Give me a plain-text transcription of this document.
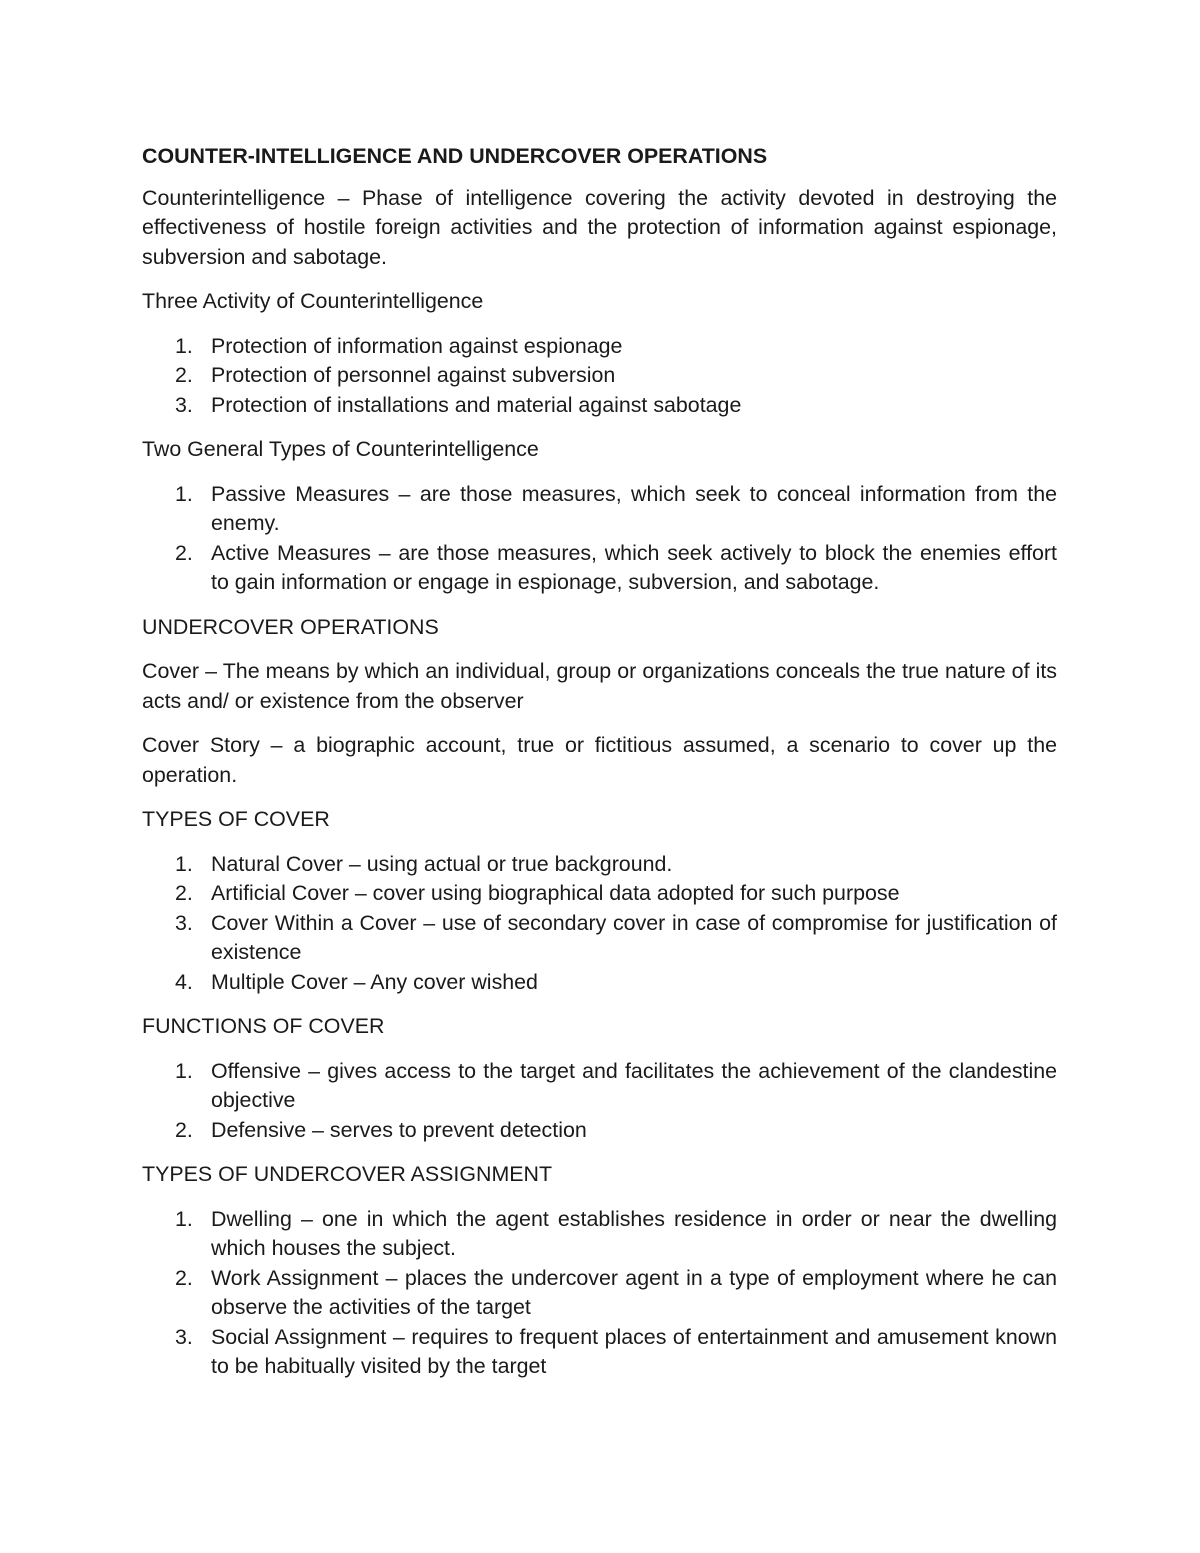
COUNTER-INTELLIGENCE AND UNDERCOVER OPERATIONS

Counterintelligence – Phase of intelligence covering the activity devoted in destroying the effectiveness of hostile foreign activities and the protection of information against espionage, subversion and sabotage.

Three Activity of Counterintelligence

1. Protection of information against espionage
2. Protection of personnel against subversion
3. Protection of installations and material against sabotage

Two General Types of Counterintelligence

1. Passive Measures – are those measures, which seek to conceal information from the enemy.
2. Active Measures – are those measures, which seek actively to block the enemies effort to gain information or engage in espionage, subversion, and sabotage.

UNDERCOVER OPERATIONS

Cover – The means by which an individual, group or organizations conceals the true nature of its acts and/ or existence from the observer

Cover Story – a biographic account, true or fictitious assumed, a scenario to cover up the operation.

TYPES OF COVER

1. Natural Cover – using actual or true background.
2. Artificial Cover – cover using biographical data adopted for such purpose
3. Cover Within a Cover – use of secondary cover in case of compromise for justification of existence
4. Multiple Cover – Any cover wished

FUNCTIONS OF COVER

1. Offensive – gives access to the target and facilitates the achievement of the clandestine objective
2. Defensive – serves to prevent detection

TYPES OF UNDERCOVER ASSIGNMENT

1. Dwelling – one in which the agent establishes residence in order or near the dwelling which houses the subject.
2. Work Assignment – places the undercover agent in a type of employment where he can observe the activities of the target
3. Social Assignment – requires to frequent places of entertainment and amusement known to be habitually visited by the target
